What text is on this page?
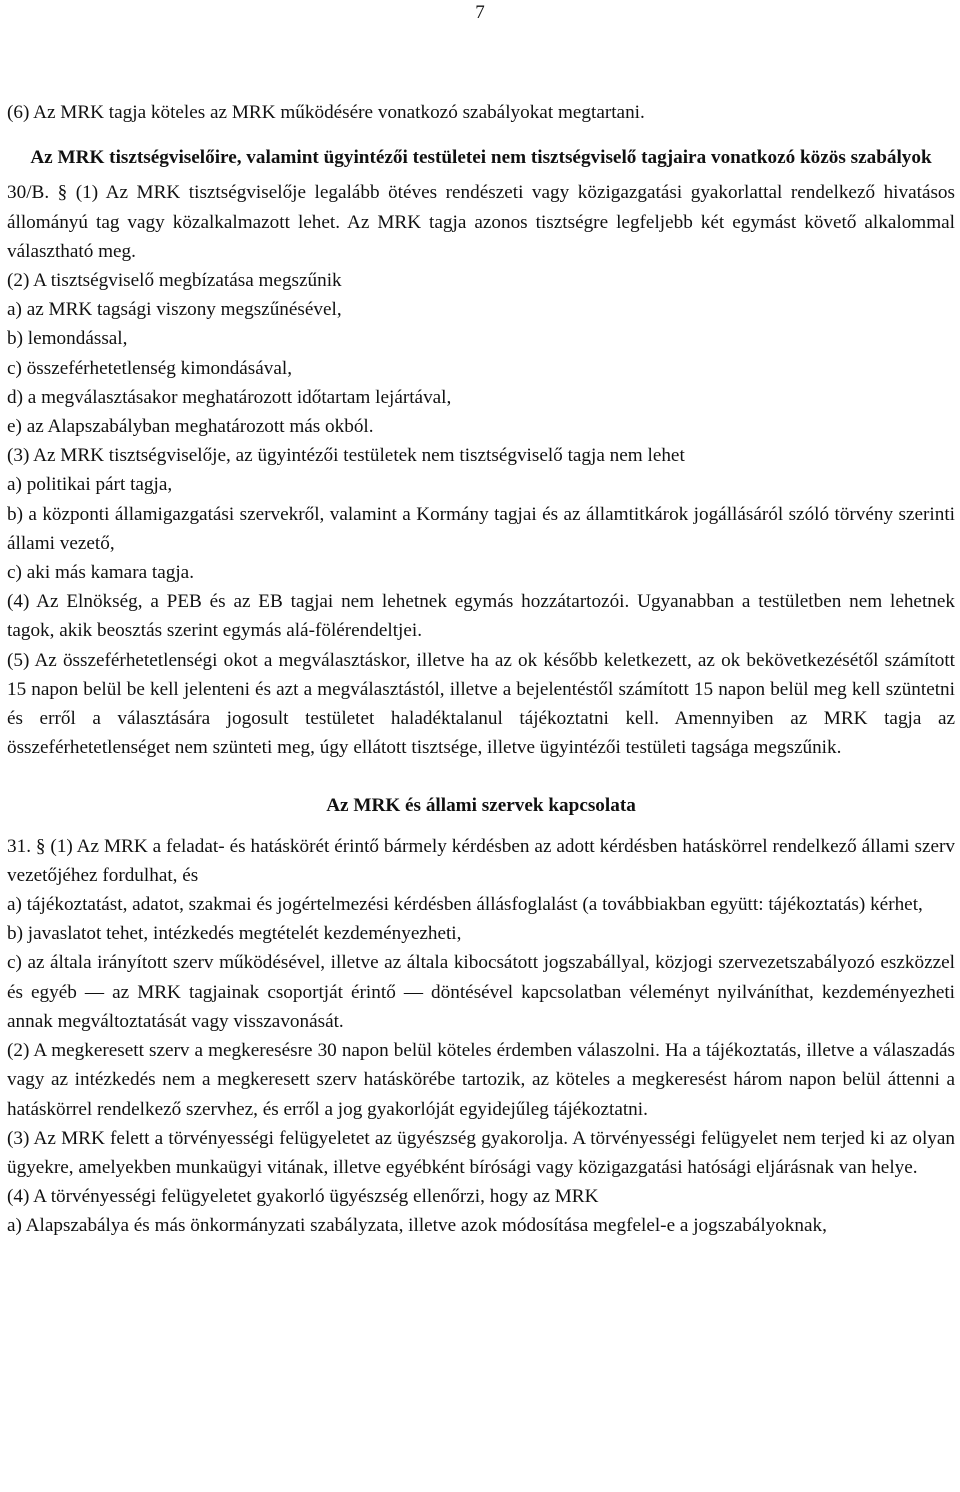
7

(6) Az MRK tagja köteles az MRK működésére vonatkozó szabályokat megtartani.

Az MRK tisztségviselőire, valamint ügyintézői testületei nem tisztségviselő tagjaira vonatkozó közös szabályok

30/B. § (1) Az MRK tisztségviselője legalább ötéves rendészeti vagy közigazgatási gyakorlattal rendelkező hivatásos állományú tag vagy közalkalmazott lehet. Az MRK tagja azonos tisztségre legfeljebb két egymást követő alkalommal választható meg.

(2) A tisztségviselő megbízatása megszűnik

a) az MRK tagsági viszony megszűnésével,

b) lemondással,

c) összeférhetetlenség kimondásával,

d) a megválasztásakor meghatározott időtartam lejártával,

e) az Alapszabályban meghatározott más okból.

(3) Az MRK tisztségviselője, az ügyintézői testületek nem tisztségviselő tagja nem lehet

a) politikai párt tagja,

b) a központi államigazgatási szervekről, valamint a Kormány tagjai és az államtitkárok jogállásáról szóló törvény szerinti állami vezető,

c) aki más kamara tagja.

(4) Az Elnökség, a PEB és az EB tagjai nem lehetnek egymás hozzátartozói. Ugyanabban a testületben nem lehetnek tagok, akik beosztás szerint egymás alá-fölérendeltjei.

(5) Az összeférhetetlenségi okot a megválasztáskor, illetve ha az ok később keletkezett, az ok bekövetkezésétől számított 15 napon belül be kell jelenteni és azt a megválasztástól, illetve a bejelentéstől számított 15 napon belül meg kell szüntetni és erről a választására jogosult testületet haladéktalanul tájékoztatni kell. Amennyiben az MRK tagja az összeférhetetlenséget nem szünteti meg, úgy ellátott tisztsége, illetve ügyintézői testületi tagsága megszűnik.

Az MRK és állami szervek kapcsolata

31. § (1) Az MRK a feladat- és hatáskörét érintő bármely kérdésben az adott kérdésben hatáskörrel rendelkező állami szerv vezetőjéhez fordulhat, és

a) tájékoztatást, adatot, szakmai és jogértelmezési kérdésben állásfoglalást (a továbbiakban együtt: tájékoztatás) kérhet,

b) javaslatot tehet, intézkedés megtételét kezdeményezheti,

c) az általa irányított szerv működésével, illetve az általa kibocsátott jogszabállyal, közjogi szervezetszabályozó eszközzel és egyéb ― az MRK tagjainak csoportját érintő ― döntésével kapcsolatban véleményt nyilváníthat, kezdeményezheti annak megváltoztatását vagy visszavonását.

(2) A megkeresett szerv a megkeresésre 30 napon belül köteles érdemben válaszolni. Ha a tájékoztatás, illetve a válaszadás vagy az intézkedés nem a megkeresett szerv hatáskörébe tartozik, az köteles a megkeresést három napon belül áttenni a hatáskörrel rendelkező szervhez, és erről a jog gyakorlóját egyidejűleg tájékoztatni.

(3) Az MRK felett a törvényességi felügyeletet az ügyészség gyakorolja. A törvényességi felügyelet nem terjed ki az olyan ügyekre, amelyekben munkaügyi vitának, illetve egyébként bírósági vagy közigazgatási hatósági eljárásnak van helye.

(4) A törvényességi felügyeletet gyakorló ügyészség ellenőrzi, hogy az MRK

a) Alapszabálya és más önkormányzati szabályzata, illetve azok módosítása megfelel-e a jogszabályoknak,
